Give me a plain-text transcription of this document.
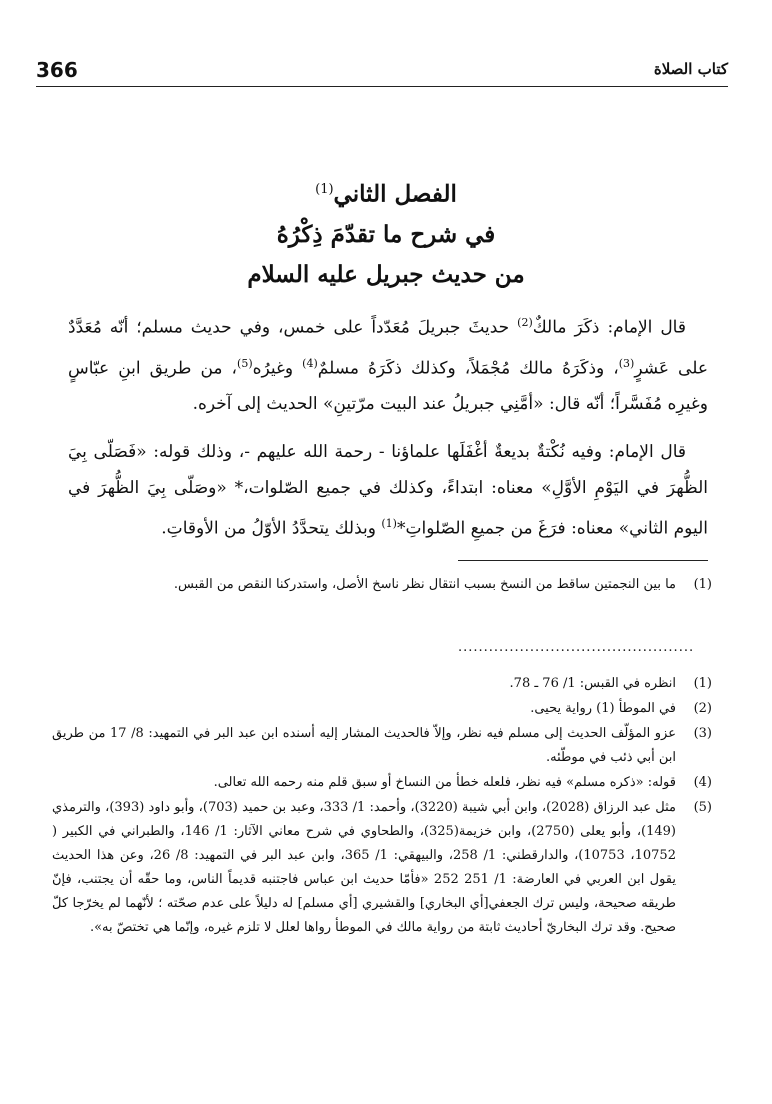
366	كتاب الصلاة
الفصل الثاني$^{(1)}$
في شرح ما تقدّمَ ذِكْرُهُ
من حديث جبريل عليه السلام

قال الإمام: ذكَرَ مالكٌ$^{(2)}$ حديثَ جبريلَ مُعَدّداً على خمس، وفي حديث مسلم؛ أنّه مُعَدَّدٌ على عَشرٍ$^{(3)}$، وذكَرَهُ مالك مُجْمَلاً، وكذلك ذكَرَهُ مسلمٌ$^{(4)}$ وغيرُه$^{(5)}$، من طريق ابنِ عبّاسٍ وغيرِه مُفَسَّراً؛ أنّه قال: «أمَّنِي جبريلُ عند البيت مرّتينِ» الحديث إلى آخره.

قال الإمام: وفيه نُكْتةٌ بديعةٌ أغْفَلَها علماؤنا - رحمة الله عليهم -، وذلك قوله: «فَصَلّى بِيَ الظُّهرَ في اليَوْمِ الأوَّلِ» معناه: ابتداءً، وكذلك في جميع الصّلوات،* «وصَلّى بِيَ الظُّهرَ في اليوم الثاني» معناه: فرَغَ من جميعِ الصّلواتِ*$^{(1)}$ وبذلك يتحدَّدُ الأوّلُ من الأوقاتِ.

(1)
ما بين النجمتين ساقط من النسخ بسبب انتقال نظر ناسخ الأصل، واستدركنا النقص من القبس.
..............................................
(1)
انظره في القبس: 1/ 76 ـ 78.
(2)
في الموطأ (1) رواية يحيى.
(3)
عزو المؤلّف الحديث إلى مسلم فيه نظر، وإلاّ فالحديث المشار إليه أسنده ابن عبد البر في التمهيد: 8/ 17 من طريق ابن أبي ذئب في موطّئه.
(4)
قوله: «ذكره مسلم» فيه نظر، فلعله خطأ من النساخ أو سبق قلم منه رحمه الله تعالى.
(5)
مثل عبد الرزاق (2028)، وابن أبي شيبة (3220)، وأحمد: 1/ 333، وعبد بن حميد (703)، وأبو داود (393)، والترمذي (149)، وأبو يعلى (2750)، وابن خزيمة(325)، والطحاوي في شرح معاني الآثار: 1/ 146، والطبراني في الكبير ( 10752، 10753)، والدارقطني: 1/ 258، والبيهقي: 1/ 365، وابن عبد البر في التمهيد: 8/ 26، وعن هذا الحديث يقول ابن العربي في العارضة: 1/ 251 252 «فأمّا حديث ابن عباس فاجتنبه قديماً الناس، وما حقّه أن يجتنب، فإنّ طريقه صحيحة، وليس ترك الجعفي[أي البخاري] والقشيري [أي مسلم] له دليلاً على عدم صحّته ؛ لأنّهما لم يخرّجا كلّ صحيح. وقد ترك البخاريّ أحاديث ثابتة من رواية مالك في الموطأ رواها لعلل لا تلزم غيره، وإنّما هي تختصّ به».
